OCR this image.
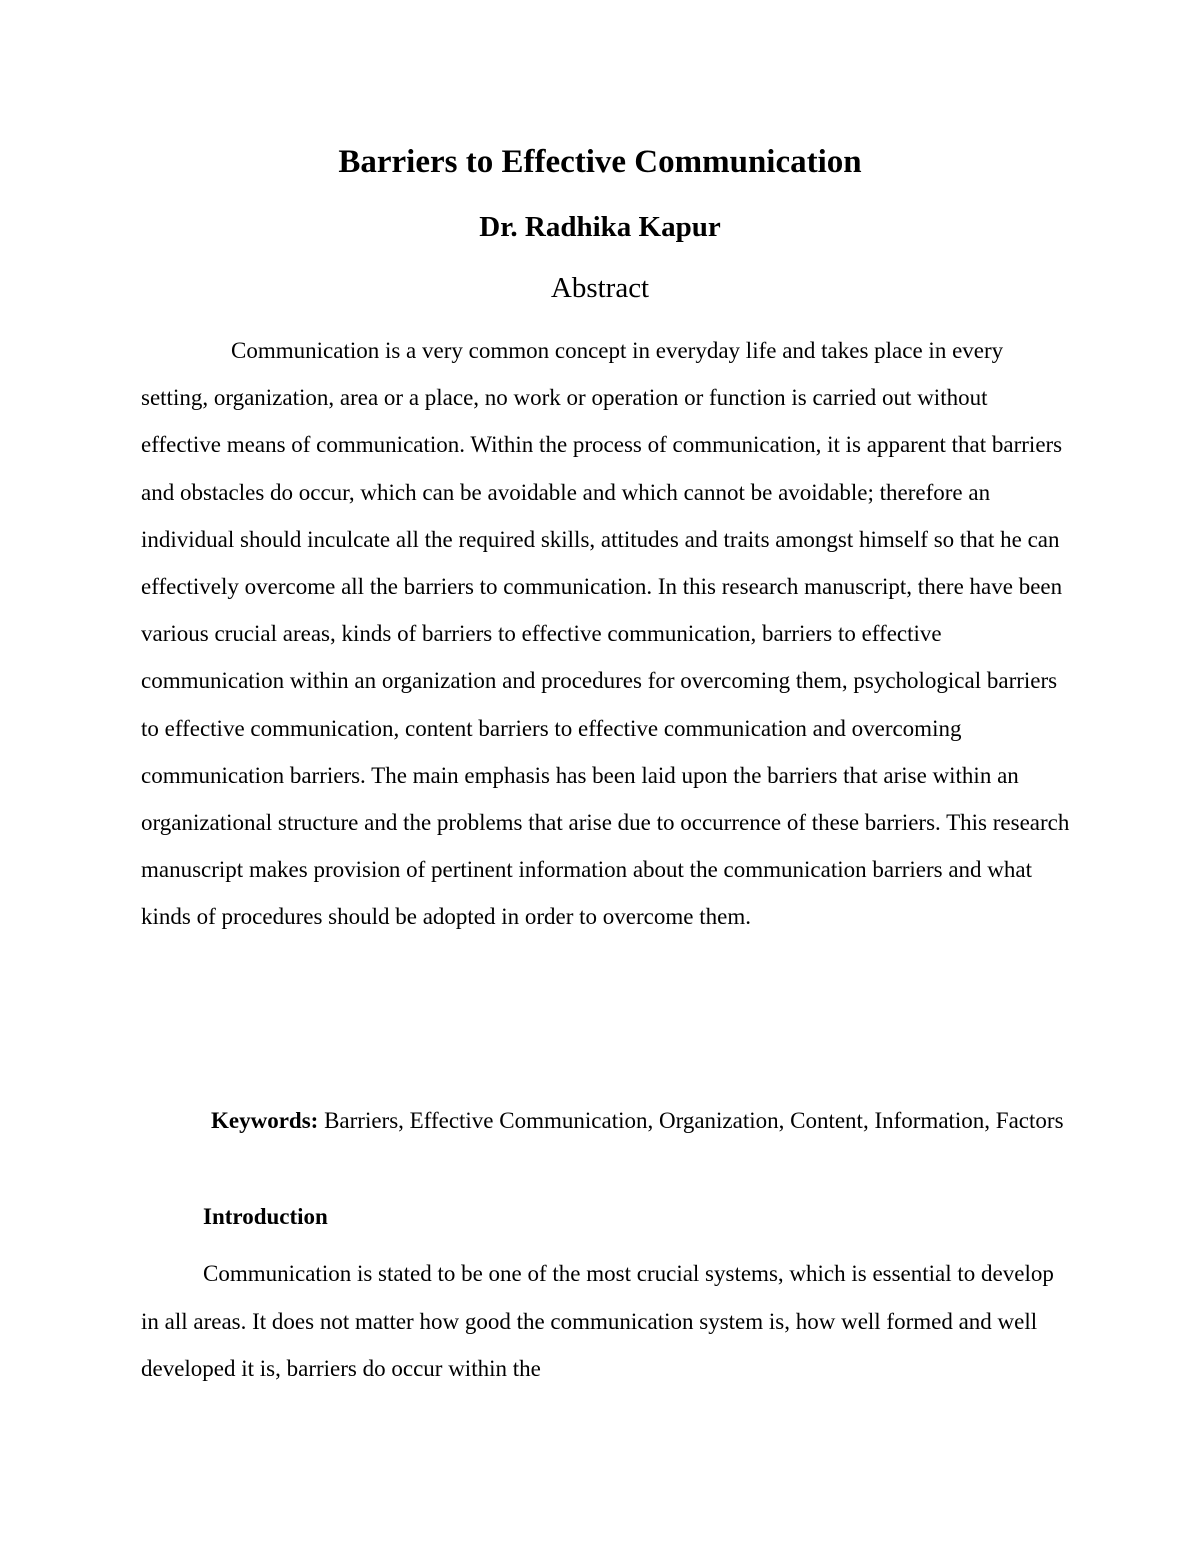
Barriers to Effective Communication
Dr. Radhika Kapur
Abstract

Communication is a very common concept in everyday life and takes place in every setting, organization, area or a place, no work or operation or function is carried out without effective means of communication. Within the process of communication, it is apparent that barriers and obstacles do occur, which can be avoidable and which cannot be avoidable; therefore an individual should inculcate all the required skills, attitudes and traits amongst himself so that he can effectively overcome all the barriers to communication. In this research manuscript, there have been various crucial areas, kinds of barriers to effective communication, barriers to effective communication within an organization and procedures for overcoming them, psychological barriers to effective communication, content barriers to effective communication and overcoming communication barriers. The main emphasis has been laid upon the barriers that arise within an organizational structure and the problems that arise due to occurrence of these barriers. This research manuscript makes provision of pertinent information about the communication barriers and what kinds of procedures should be adopted in order to overcome them.

Keywords: Barriers, Effective Communication, Organization, Content, Information, Factors

Introduction

Communication is stated to be one of the most crucial systems, which is essential to develop in all areas. It does not matter how good the communication system is, how well formed and well developed it is, barriers do occur within the
